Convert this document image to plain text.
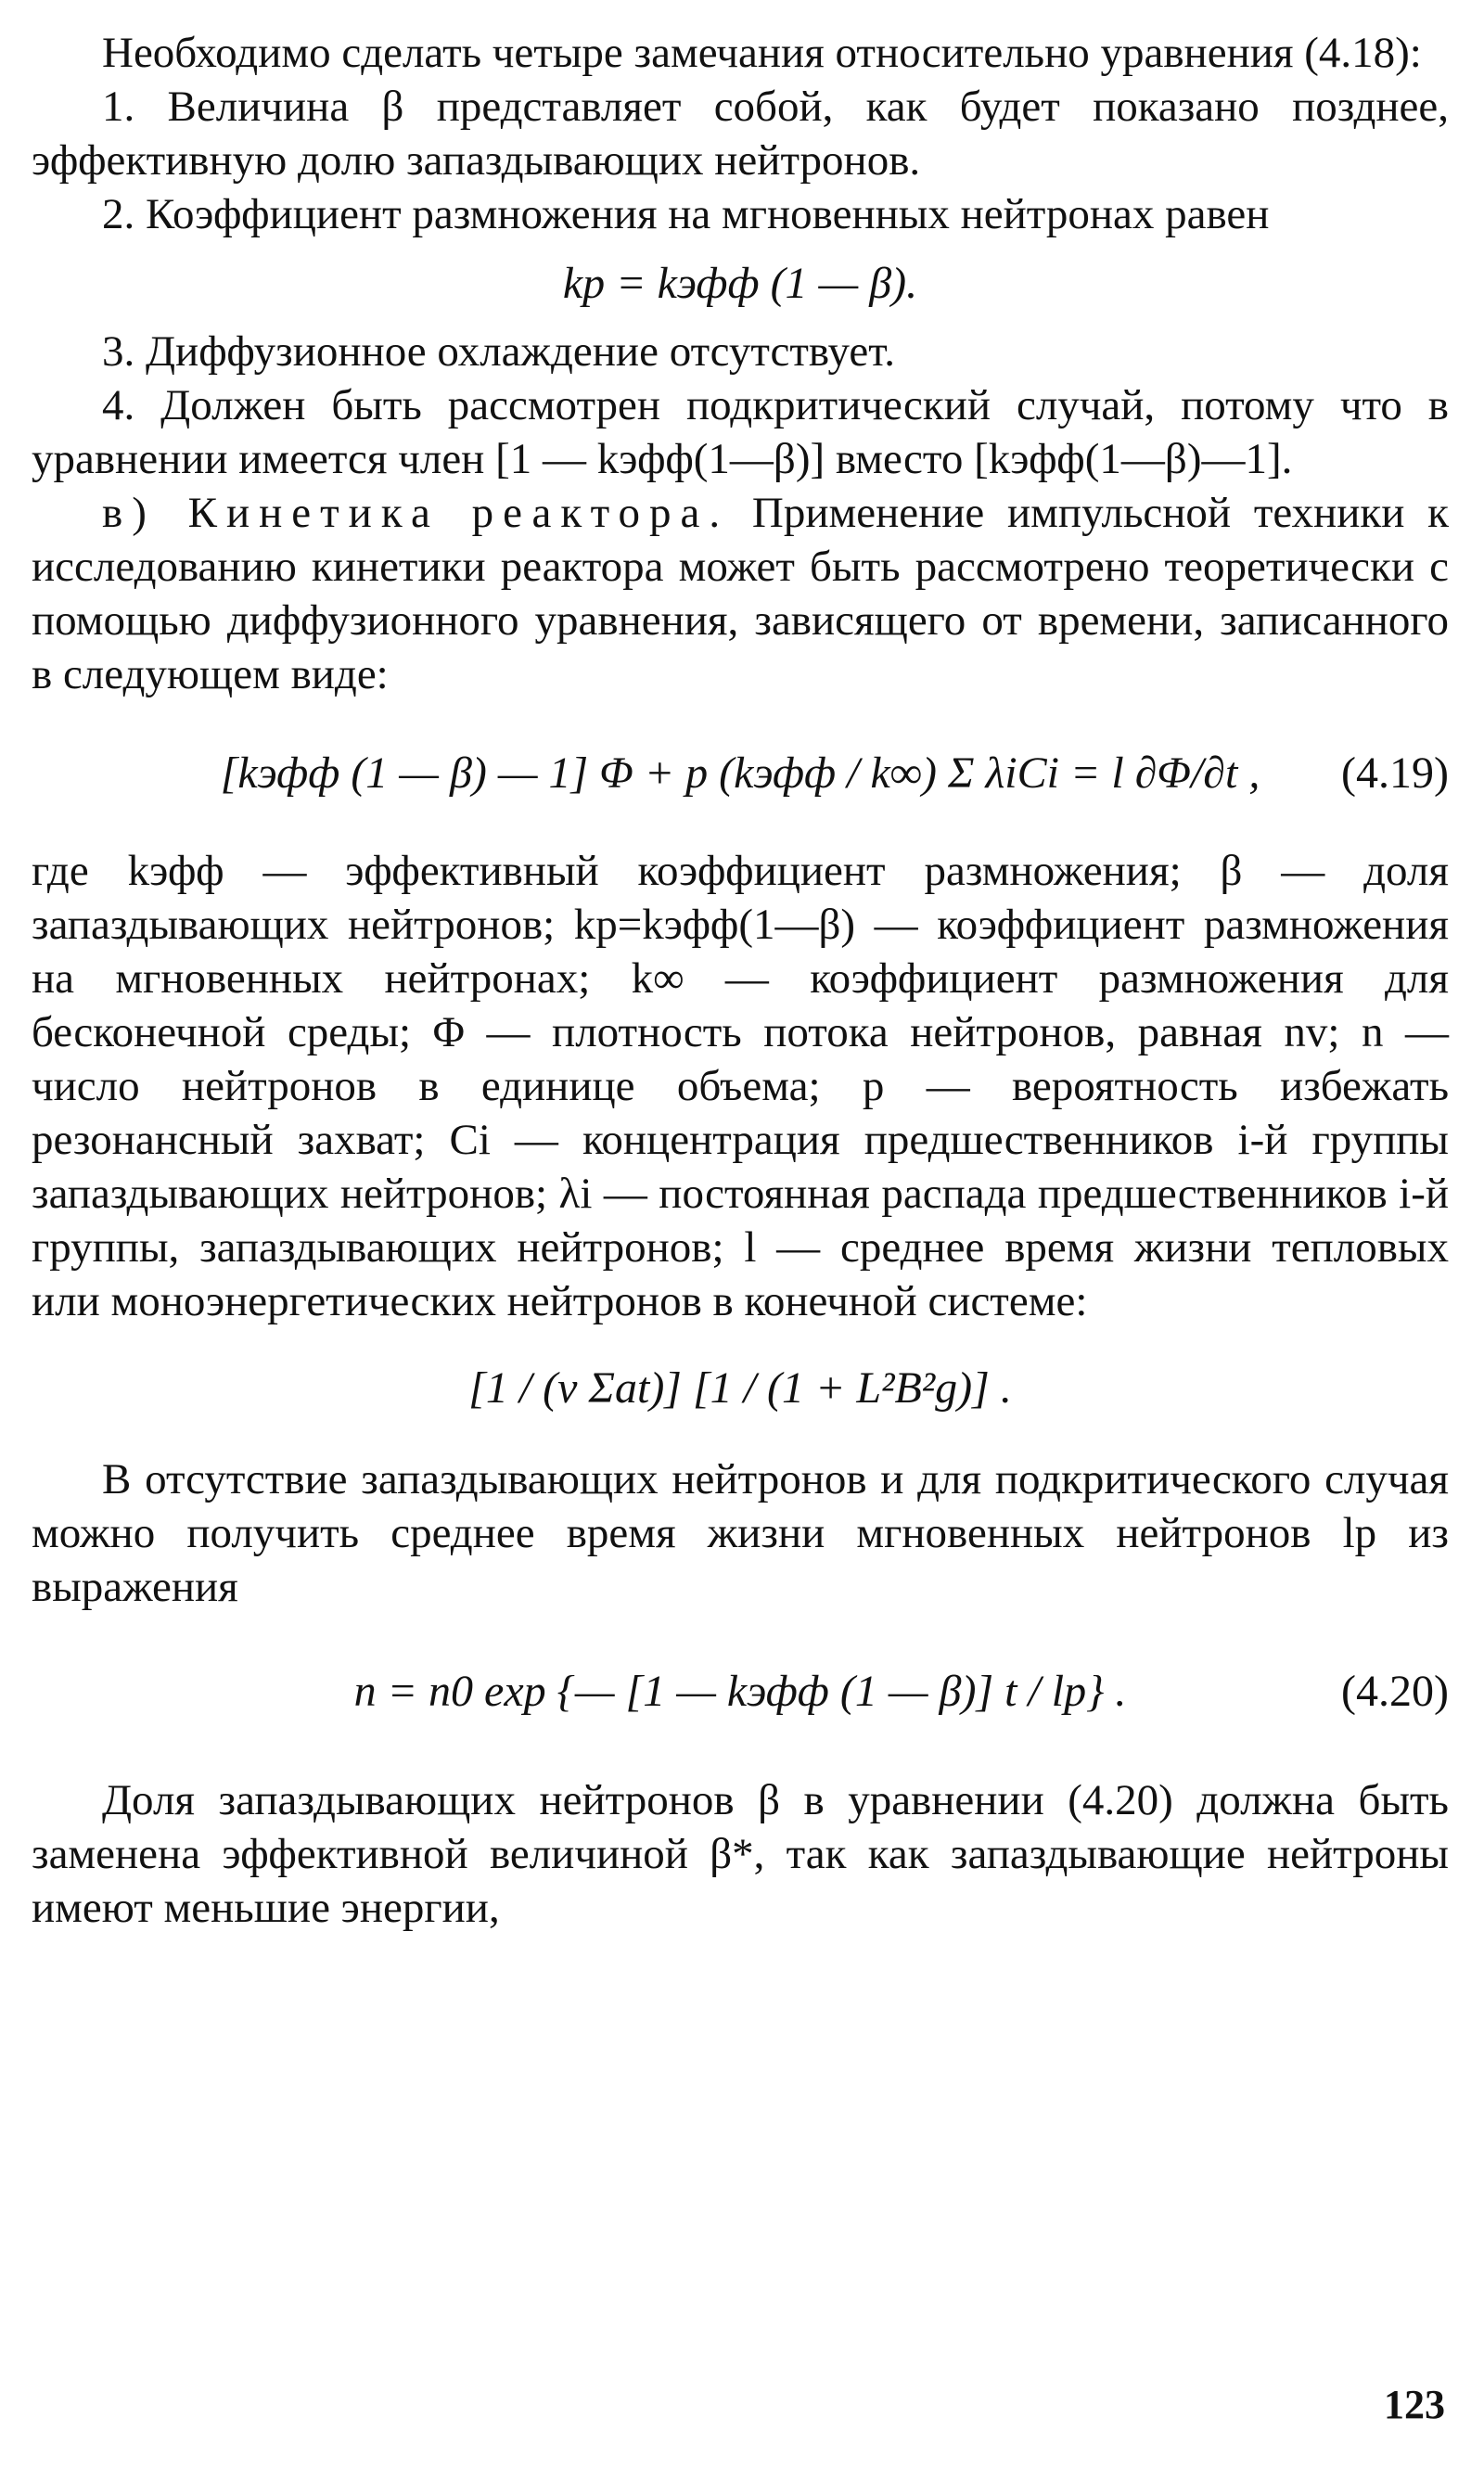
Необходимо сделать четыре замечания относительно уравнения (4.18):

1. Величина β представляет собой, как будет показано позднее, эффективную долю запаздывающих нейтронов.

2. Коэффициент размножения на мгновенных нейтронах равен

kр = kэфф (1 — β).

3. Диффузионное охлаждение отсутствует.

4. Должен быть рассмотрен подкритический случай, потому что в уравнении имеется член [1 — kэфф(1—β)] вместо [kэфф(1—β)—1].

в) Кинетика реактора. Применение импульсной техники к исследованию кинетики реактора может быть рассмотрено теоретически с помощью диффузионного уравнения, зависящего от времени, записанного в следующем виде:

[kэфф (1 — β) — 1] Φ + p (kэфф / k∞) Σ λiCi = l ∂Φ/∂t , (4.19)

где kэфф — эффективный коэффициент размножения; β — доля запаздывающих нейтронов; kр=kэфф(1—β) — коэффициент размножения на мгновенных нейтронах; k∞ — коэффициент размножения для бесконечной среды; Φ — плотность потока нейтронов, равная nv; n — число нейтронов в единице объема; p — вероятность избежать резонансный захват; Ci — концентрация предшественников i-й группы запаздывающих нейтронов; λi — постоянная распада предшественников i-й группы, запаздывающих нейтронов; l — среднее время жизни тепловых или моноэнергетических нейтронов в конечной системе:

[1 / (v Σat)] [1 / (1 + L²B²g)] .

В отсутствие запаздывающих нейтронов и для подкритического случая можно получить среднее время жизни мгновенных нейтронов lр из выражения

n = n0 exp {— [1 — kэфф (1 — β)] t / lр} .	(4.20)

Доля запаздывающих нейтронов β в уравнении (4.20) должна быть заменена эффективной величиной β*, так как запаздывающие нейтроны имеют меньшие энергии,

123
